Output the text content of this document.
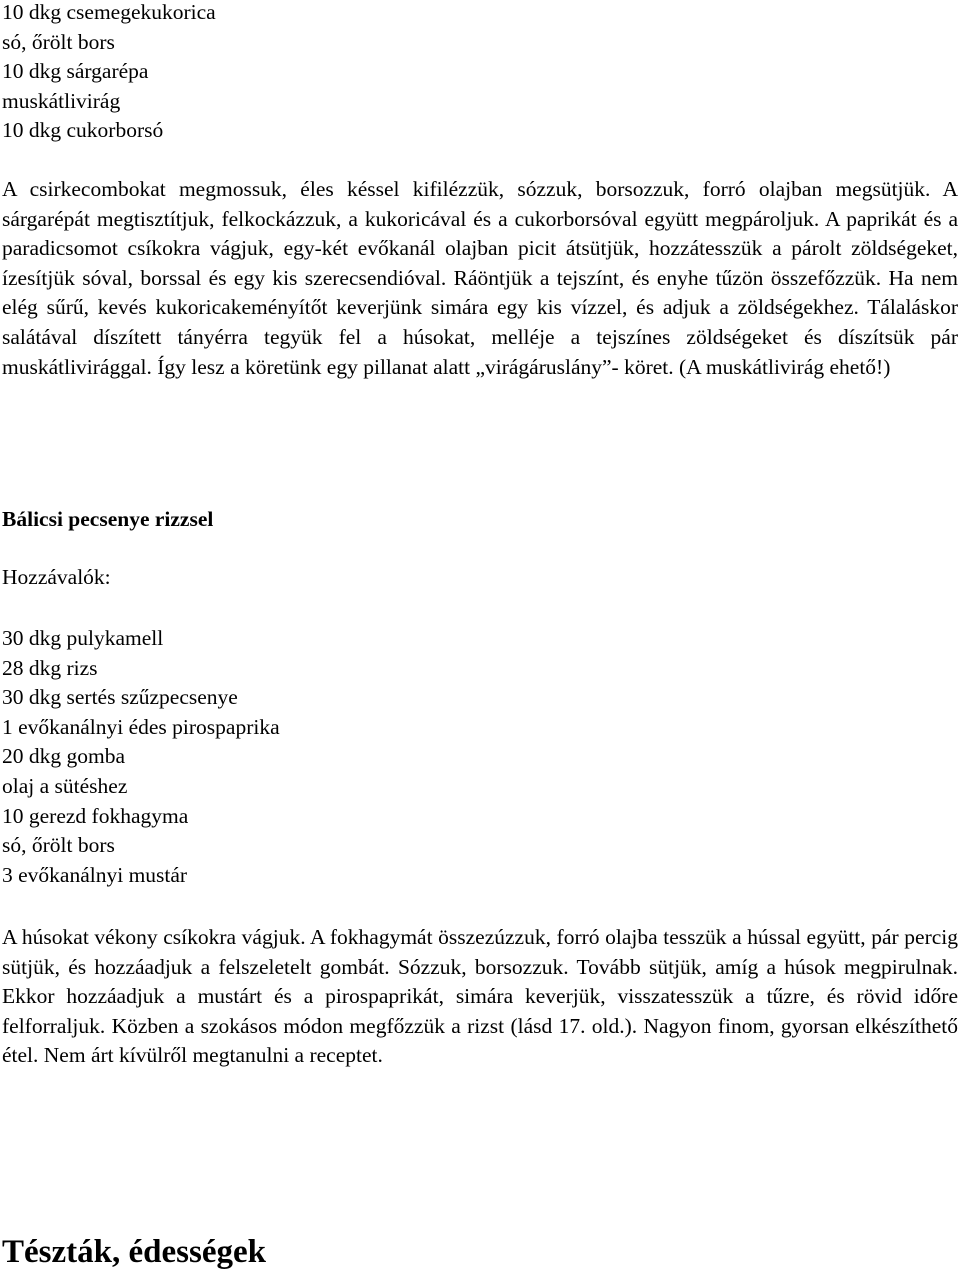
10 dkg csemegekukorica

só, őrölt bors

10 dkg sárgarépa

muskátlivirág

10 dkg cukorborsó

A csirkecombokat megmossuk, éles késsel kifilézzük, sózzuk, borsozzuk, forró olajban megsütjük. A sárgarépát megtisztítjuk, felkockázzuk, a kukoricával és a cukorborsóval együtt megpároljuk. A paprikát és a paradicsomot csíkokra vágjuk, egy-két evőkanál olajban picit átsütjük, hozzátesszük a párolt zöldségeket, ízesítjük sóval, borssal és egy kis szerecsendióval. Ráöntjük a tejszínt, és enyhe tűzön összefőzzük. Ha nem elég sűrű, kevés kukoricakeményítőt keverjünk simára egy kis vízzel, és adjuk a zöldségekhez. Tálaláskor salátával díszített tányérra tegyük fel a húsokat, melléje a tejszínes zöldségeket és díszítsük pár muskátlivirággal. Így lesz a köretünk egy pillanat alatt „virágáruslány”- köret. (A muskátlivirág ehető!)

Bálicsi pecsenye rizzsel

Hozzávalók:

30 dkg pulykamell

28 dkg rizs

30 dkg sertés szűzpecsenye

1 evőkanálnyi édes pirospaprika

20 dkg gomba

olaj a sütéshez

10 gerezd fokhagyma

só, őrölt bors

3 evőkanálnyi mustár

A húsokat vékony csíkokra vágjuk. A fokhagymát összezúzzuk, forró olajba tesszük a hússal együtt, pár percig sütjük, és hozzáadjuk a felszeletelt gombát. Sózzuk, borsozzuk. Tovább sütjük, amíg a húsok megpirulnak. Ekkor hozzáadjuk a mustárt és a pirospaprikát, simára keverjük, visszatesszük a tűzre, és rövid időre felforraljuk. Közben a szokásos módon megfőzzük a rizst (lásd 17. old.). Nagyon finom, gyorsan elkészíthető étel. Nem árt kívülről megtanulni a receptet.

Tészták, édességek
